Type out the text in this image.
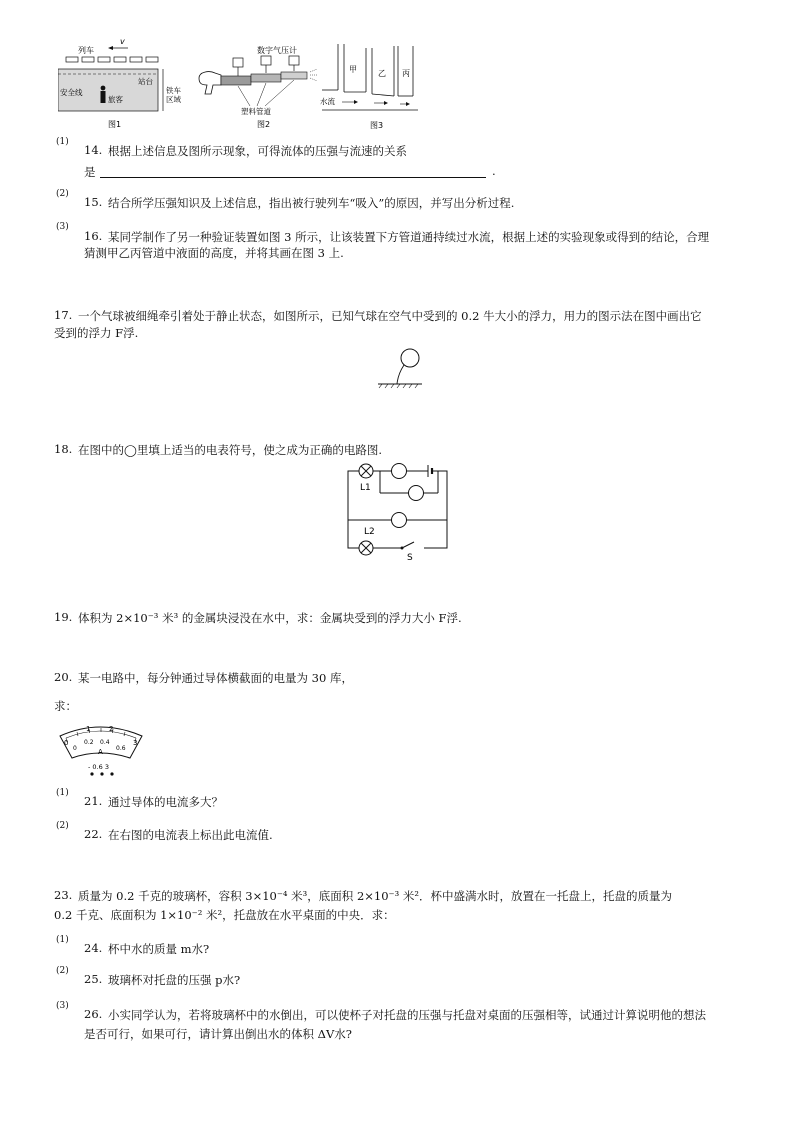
列车
v
安全线
旅客
站台
铁车
区域
图1
数字气压计
塑料管道
图2
甲	乙 丙
水流
图3
(1)
14. 根据上述信息及图所示现象，可得流体的压强与流速的关系
是	.
(2)
15. 结合所学压强知识及上述信息，指出被行驶列车“吸入”的原因，并写出分析过程.
(3)
16. 某同学制作了另一种验证装置如图 3 所示，让该装置下方管道通持续过水流，根据上述的实验现象或得到的结论，合理
猜测甲乙丙管道中液面的高度，并将其画在图 3 上.
17. 一个气球被细绳牵引着处于静止状态，如图所示，已知气球在空气中受到的 0.2 牛大小的浮力，用力的图示法在图中画出它
受到的浮力 F浮.
18. 在图中的◯里填上适当的电表符号，使之成为正确的电路图.
L1
L2
S
19. 体积为 2×10⁻³ 米³ 的金属块浸没在水中，求：金属块受到的浮力大小 F浮.
20. 某一电路中，每分钟通过导体横截面的电量为 30 库，
求：
0
1	2
3
0
0.2 0.4
0.6
A
- 0.6 3
(1)
21. 通过导体的电流多大？
(2)
22. 在右图的电流表上标出此电流值.
23. 质量为 0.2 千克的玻璃杯，容积 3×10⁻⁴ 米³，底面积 2×10⁻³ 米²．杯中盛满水时，放置在一托盘上，托盘的质量为
0.2 千克、底面积为 1×10⁻² 米²，托盘放在水平桌面的中央．求：
(1)
24. 杯中水的质量 m水?
(2)
25. 玻璃杯对托盘的压强 p水?
(3)
26. 小实同学认为，若将玻璃杯中的水倒出，可以使杯子对托盘的压强与托盘对桌面的压强相等，试通过计算说明他的想法
是否可行，如果可行，请计算出倒出水的体积 ΔV水?
